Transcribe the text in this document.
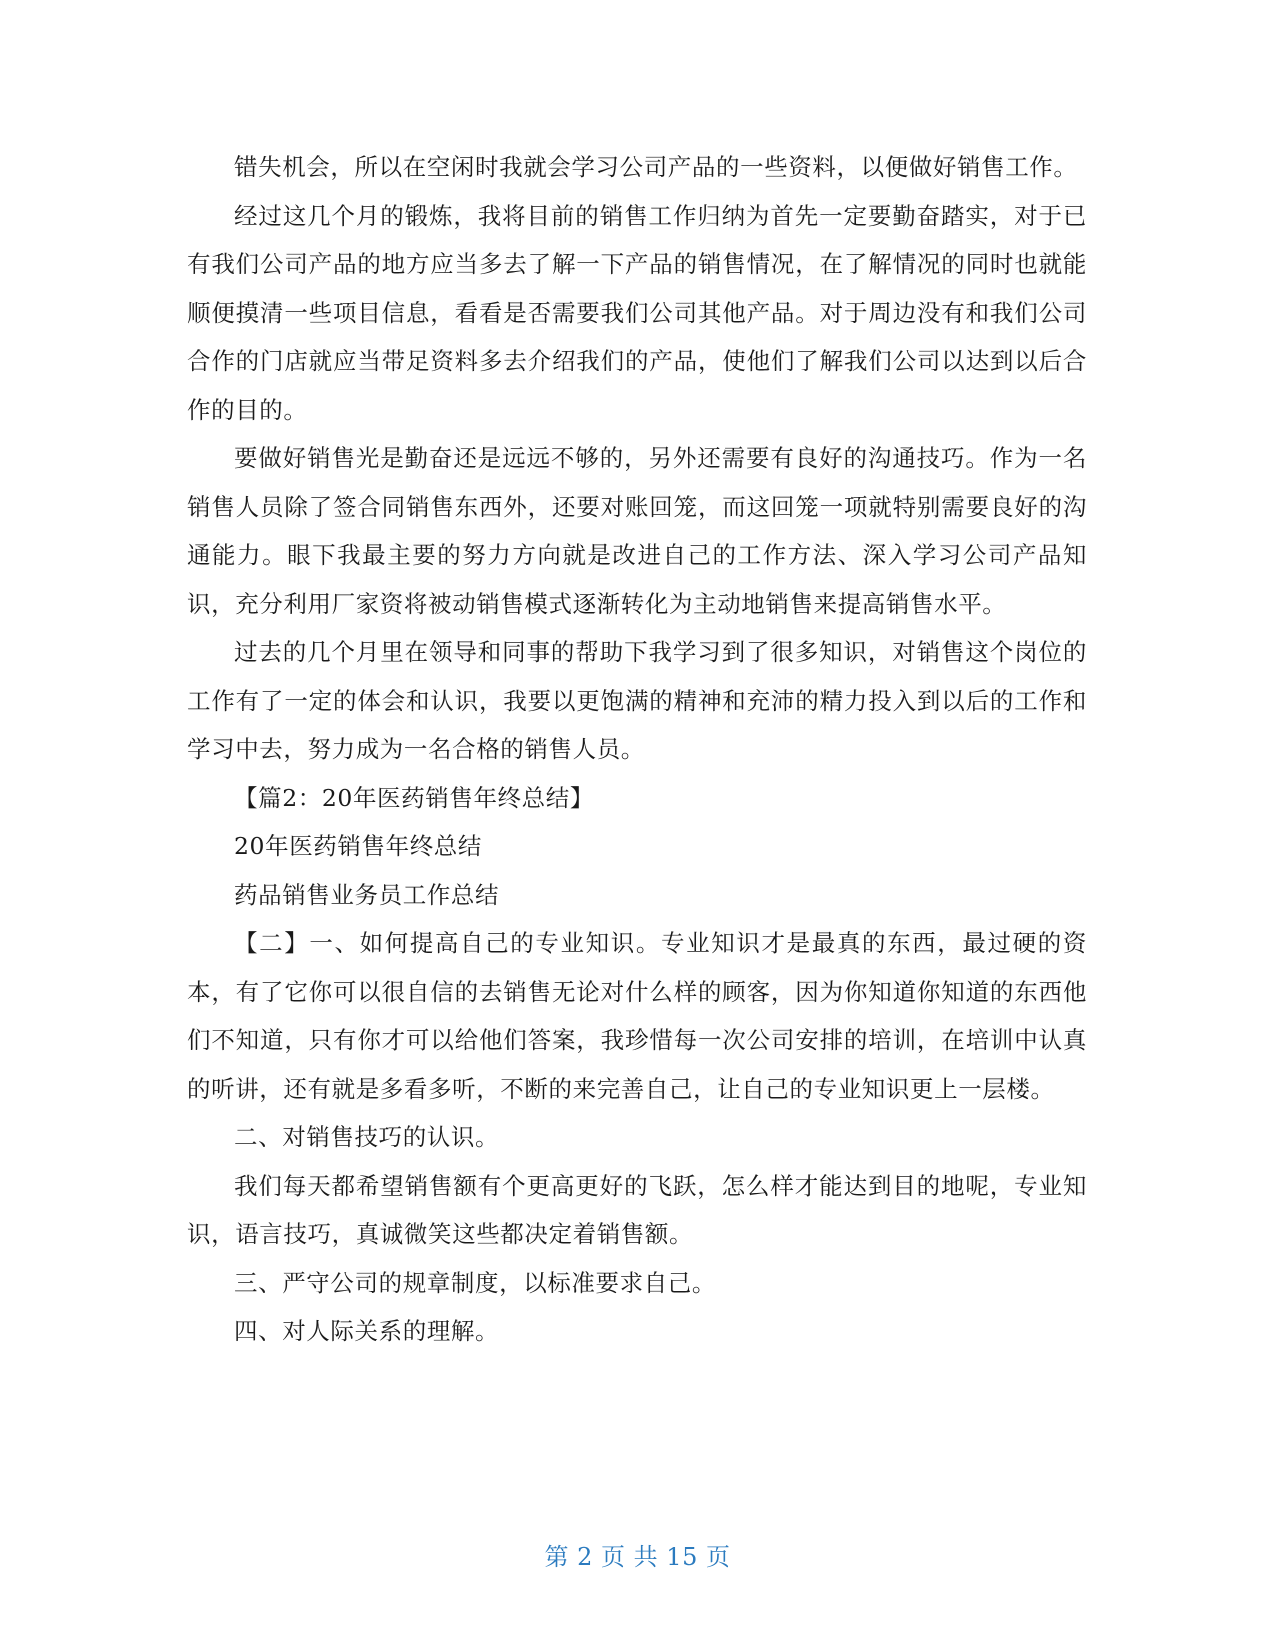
错失机会，所以在空闲时我就会学习公司产品的一些资料，以便做好销售工作。

经过这几个月的锻炼，我将目前的销售工作归纳为首先一定要勤奋踏实，对于已有我们公司产品的地方应当多去了解一下产品的销售情况，在了解情况的同时也就能顺便摸清一些项目信息，看看是否需要我们公司其他产品。对于周边没有和我们公司合作的门店就应当带足资料多去介绍我们的产品，使他们了解我们公司以达到以后合作的目的。

要做好销售光是勤奋还是远远不够的，另外还需要有良好的沟通技巧。作为一名销售人员除了签合同销售东西外，还要对账回笼，而这回笼一项就特别需要良好的沟通能力。眼下我最主要的努力方向就是改进自己的工作方法、深入学习公司产品知识，充分利用厂家资将被动销售模式逐渐转化为主动地销售来提高销售水平。

过去的几个月里在领导和同事的帮助下我学习到了很多知识，对销售这个岗位的工作有了一定的体会和认识，我要以更饱满的精神和充沛的精力投入到以后的工作和学习中去，努力成为一名合格的销售人员。

【篇2：20年医药销售年终总结】

20年医药销售年终总结

药品销售业务员工作总结

【二】一、如何提高自己的专业知识。专业知识才是最真的东西，最过硬的资本，有了它你可以很自信的去销售无论对什么样的顾客，因为你知道你知道的东西他们不知道，只有你才可以给他们答案，我珍惜每一次公司安排的培训，在培训中认真的听讲，还有就是多看多听，不断的来完善自己，让自己的专业知识更上一层楼。

二、对销售技巧的认识。

我们每天都希望销售额有个更高更好的飞跃，怎么样才能达到目的地呢，专业知识，语言技巧，真诚微笑这些都决定着销售额。

三、严守公司的规章制度，以标准要求自己。

四、对人际关系的理解。

第 2 页 共 15 页
